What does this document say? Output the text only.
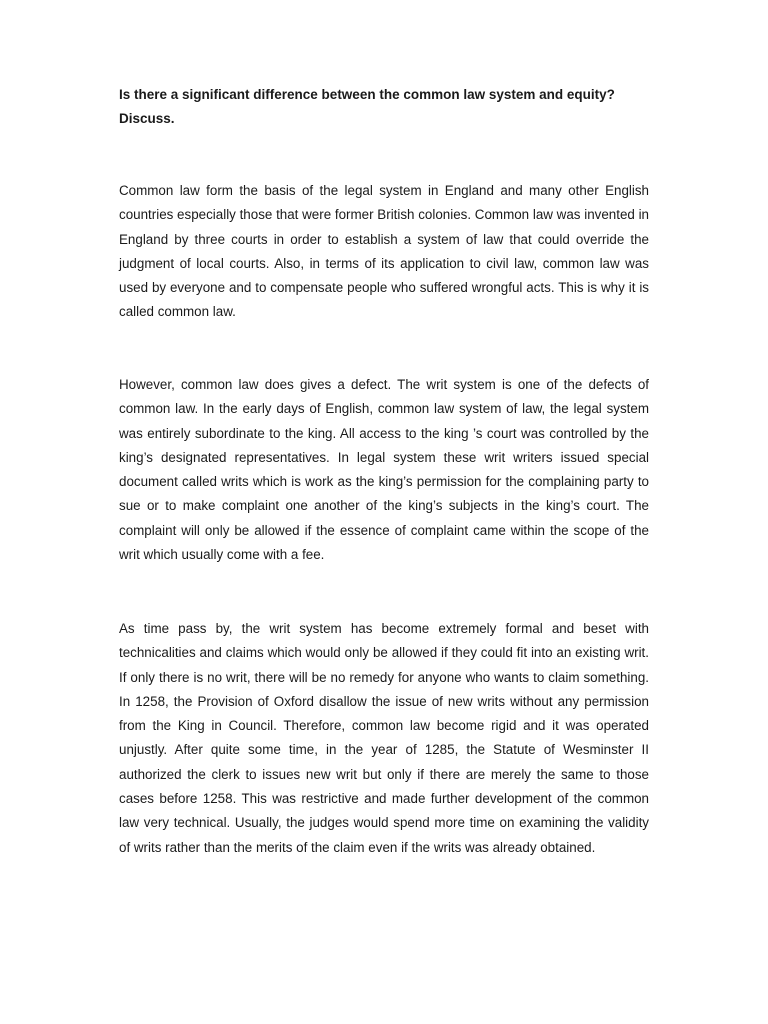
Is there a significant difference between the common law system and equity? Discuss.

Common law form the basis of the legal system in England and many other English countries especially those that were former British colonies. Common law was invented in England by three courts in order to establish a system of law that could override the judgment of local courts. Also, in terms of its application to civil law, common law was used by everyone and to compensate people who suffered wrongful acts. This is why it is called common law.

However, common law does gives a defect. The writ system is one of the defects of common law. In the early days of English, common law system of law, the legal system was entirely subordinate to the king. All access to the king ’s court was controlled by the king’s designated representatives. In legal system these writ writers issued special document called writs which is work as the king’s permission for the complaining party to sue or to make complaint one another of the king’s subjects in the king’s court. The complaint will only be allowed if the essence of complaint came within the scope of the writ which usually come with a fee.

As time pass by, the writ system has become extremely formal and beset with technicalities and claims which would only be allowed if they could fit into an existing writ. If only there is no writ, there will be no remedy for anyone who wants to claim something. In 1258, the Provision of Oxford disallow the issue of new writs without any permission from the King in Council. Therefore, common law become rigid and it was operated unjustly. After quite some time, in the year of 1285, the Statute of Wesminster II authorized the clerk to issues new writ but only if there are merely the same to those cases before 1258. This was restrictive and made further development of the common law very technical. Usually, the judges would spend more time on examining the validity of writs rather than the merits of the claim even if the writs was already obtained.
